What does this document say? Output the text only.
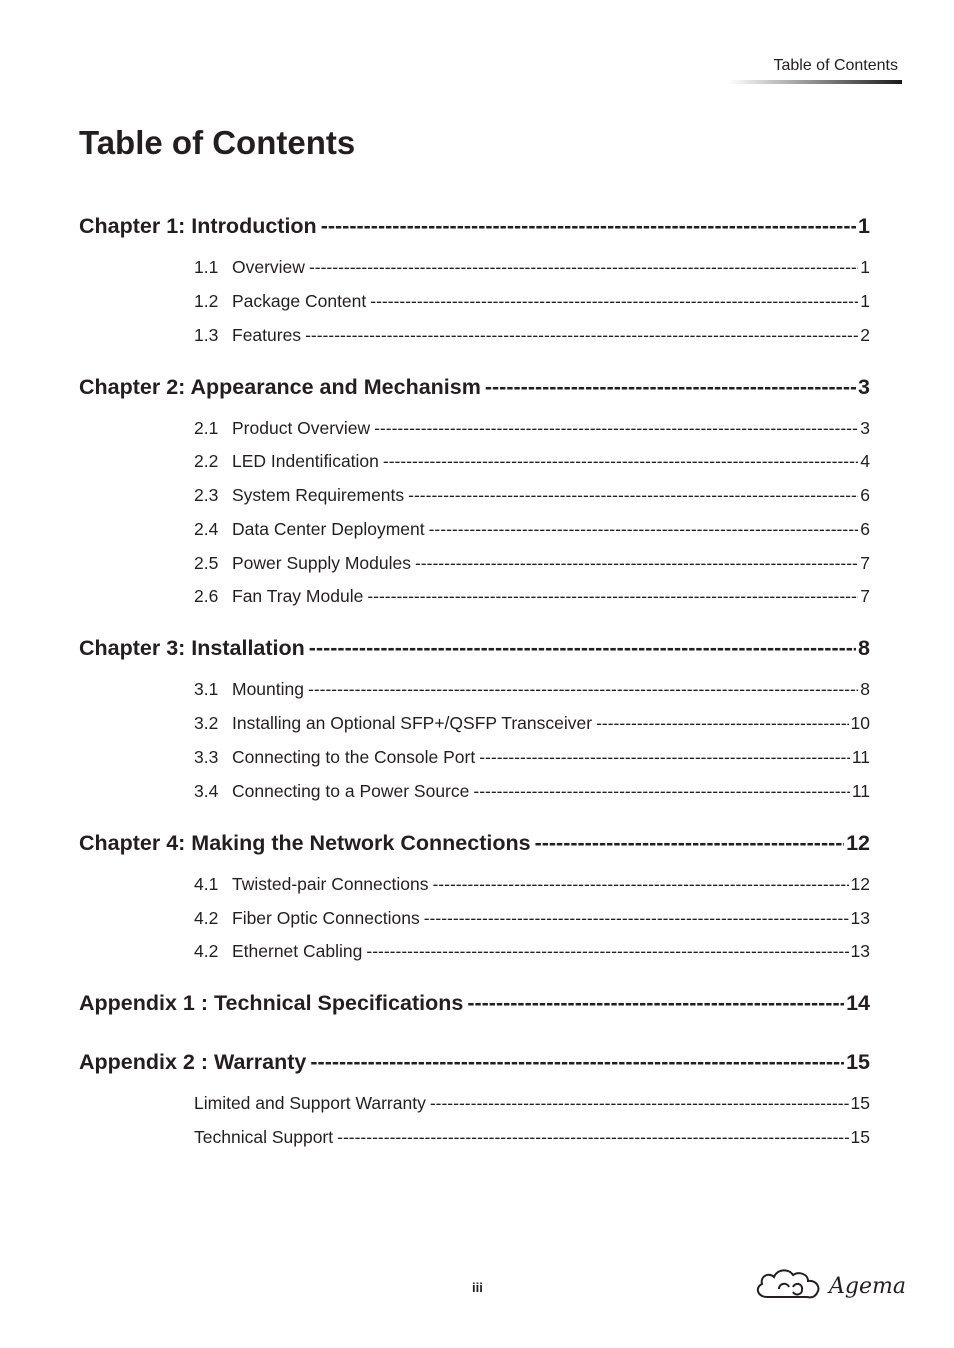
Table of Contents
Table of Contents
Chapter 1: Introduction -----	1
1.1 Overview -----	1
1.2 Package Content -----	1
1.3 Features -----	2
Chapter 2: Appearance and Mechanism -----	3
2.1 Product Overview -----	3
2.2 LED Indentification -----	4
2.3 System Requirements -----	6
2.4 Data Center Deployment -----	6
2.5 Power Supply Modules -----	7
2.6 Fan Tray Module -----	7
Chapter 3: Installation -----	8
3.1 Mounting -----	8
3.2 Installing an Optional SFP+/QSFP Transceiver -----	10
3.3 Connecting to the Console Port -----	11
3.4 Connecting to a Power Source -----	11
Chapter 4: Making the Network Connections -----	12
4.1 Twisted-pair Connections -----	12
4.2 Fiber Optic Connections -----	13
4.2 Ethernet Cabling -----	13
Appendix 1 : Technical Specifications -----	14
Appendix 2 : Warranty -----	15
Limited and Support Warranty -----	15
Technical Support -----	15
iii	Agema
